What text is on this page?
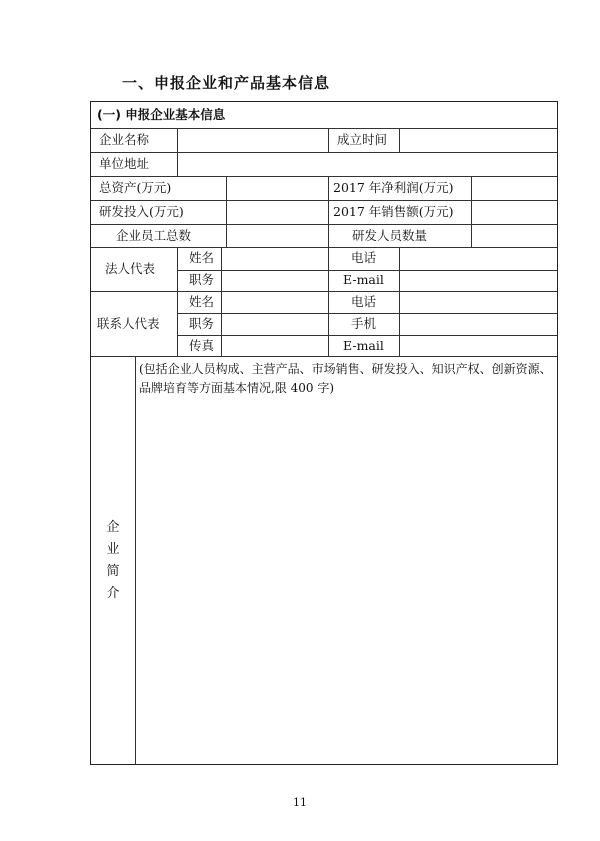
一、申报企业和产品基本信息
(一) 申报企业基本信息
企业名称	成立时间
单位地址
总资产(万元)	2017 年净利润(万元)
研发投入(万元)	2017 年销售额(万元)
企业员工总数	研发人员数量
法人代表
姓名	电话
职务	E-mail
联系人代表
姓名	电话
职务	手机
传真	E-mail
企
业
简
介
(包括企业人员构成、主营产品、市场销售、研发投入、知识产权、创新资源、品牌培育等方面基本情况,限 400 字)
11
